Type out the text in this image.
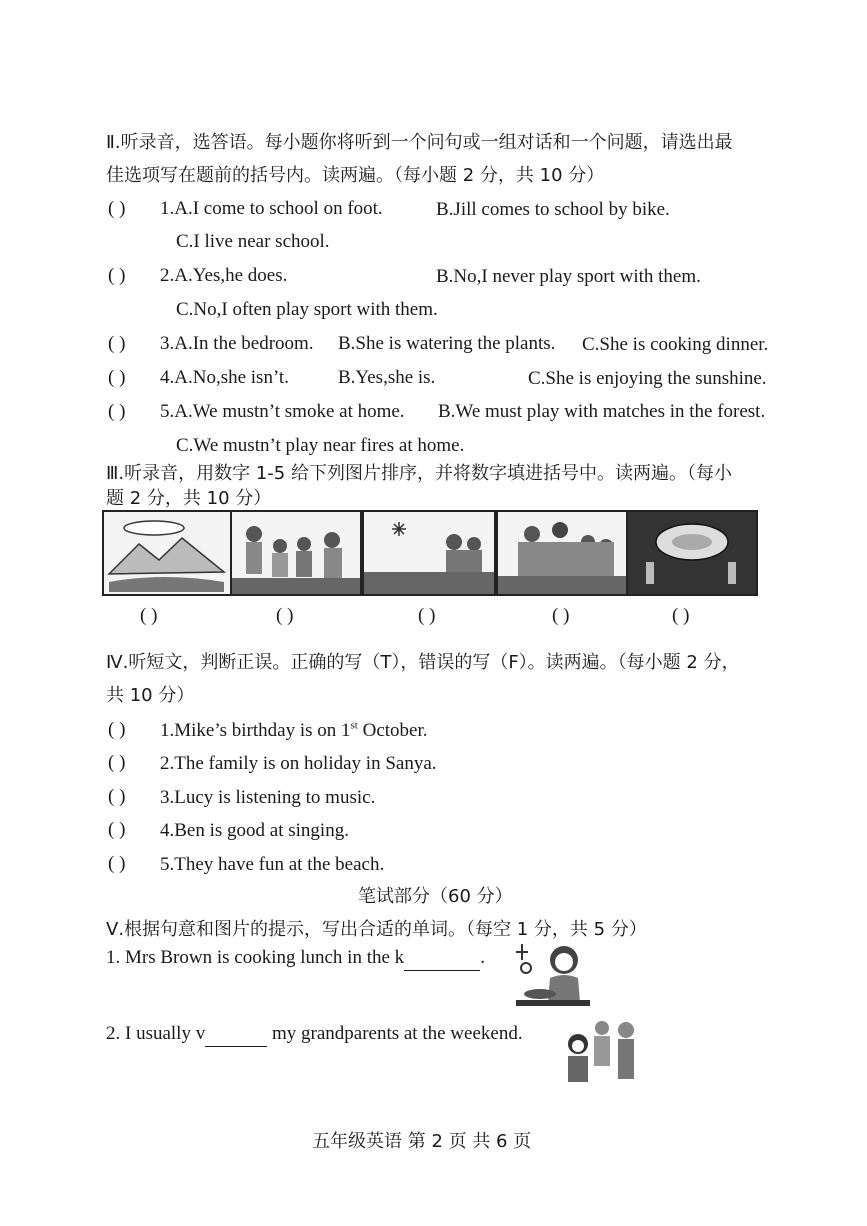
Ⅱ.听录音，选答语。每小题你将听到一个问句或一组对话和一个问题，请选出最
佳选项写在题前的括号内。读两遍。（每小题 2 分，共 10 分）
( ) 1.A.I come to school on foot.	B.Jill comes to school by bike.
C.I live near school.
( ) 2.A.Yes,he does.	B.No,I never play sport with them.
C.No,I often play sport with them.
( ) 3.A.In the bedroom. B.She is watering the plants. C.She is cooking dinner.
( ) 4.A.No,she isn’t.	B.Yes,she is.	C.She is enjoying the sunshine.
( ) 5.A.We mustn’t smoke at home. B.We must play with matches in the forest.
C.We mustn’t play near fires at home.
Ⅲ.听录音，用数字 1-5 给下列图片排序，并将数字填进括号中。读两遍。（每小
题 2 分，共 10 分）
( )	( )	( )	( )	( )
Ⅳ.听短文，判断正误。正确的写（T），错误的写（F）。读两遍。（每小题 2 分，
共 10 分）
( ) 1.Mike’s birthday is on 1st October.
( ) 2.The family is on holiday in Sanya.
( ) 3.Lucy is listening to music.
( ) 4.Ben is good at singing.
( ) 5.They have fun at the beach.
笔试部分（60 分）
Ⅴ.根据句意和图片的提示，写出合适的单词。（每空 1 分，共 5 分）
1. Mrs Brown is cooking lunch in the k	.
2. I usually v	my grandparents at the weekend.
五年级英语 第 2 页 共 6 页
